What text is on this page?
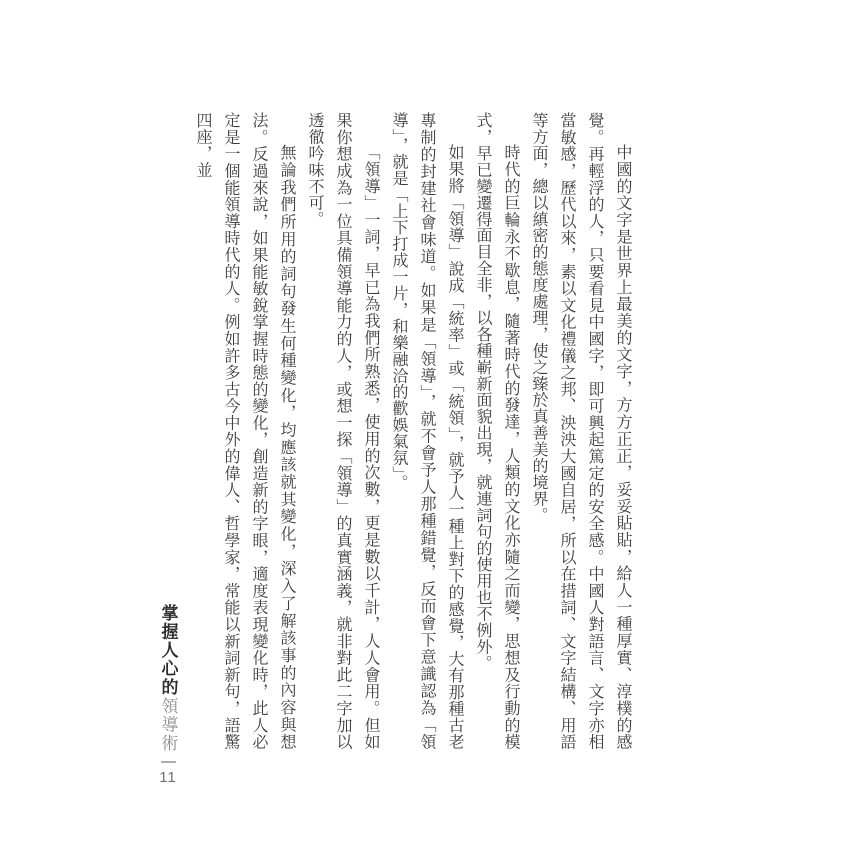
中國的文字是世界上最美的文字，方方正正，妥妥貼貼，給人一種厚實、淳樸的感覺。再輕浮的人，只要看見中國字，即可興起篤定的安全感。中國人對語言、文字亦相當敏感，歷代以來，素以文化禮儀之邦、泱泱大國自居，所以在措詞、文字結構、用語等方面，總以縝密的態度處理，使之臻於真善美的境界。

時代的巨輪永不歇息，隨著時代的發達，人類的文化亦隨之而變，思想及行動的模式，早已變遷得面目全非，以各種嶄新面貌出現，就連詞句的使用也不例外。

如果將「領導」說成「統率」或「統領」，就予人一種上對下的感覺，大有那種古老專制的封建社會味道。如果是「領導」，就不會予人那種錯覺，反而會下意識認為「領導」，就是「上下打成一片，和樂融洽的歡娛氣氛」。

「領導」一詞，早已為我們所熟悉，使用的次數，更是數以千計，人人會用。但如果你想成為一位具備領導能力的人，或想一探「領導」的真實涵義，就非對此二字加以透徹吟味不可。

無論我們所用的詞句發生何種變化，均應該就其變化，深入了解該事的內容與想法。反過來說，如果能敏銳掌握時態的變化，創造新的字眼，適度表現變化時，此人必定是一個能領導時代的人。例如許多古今中外的偉人、哲學家，常能以新詞新句，語驚四座，並

掌握人心的領導術
11
